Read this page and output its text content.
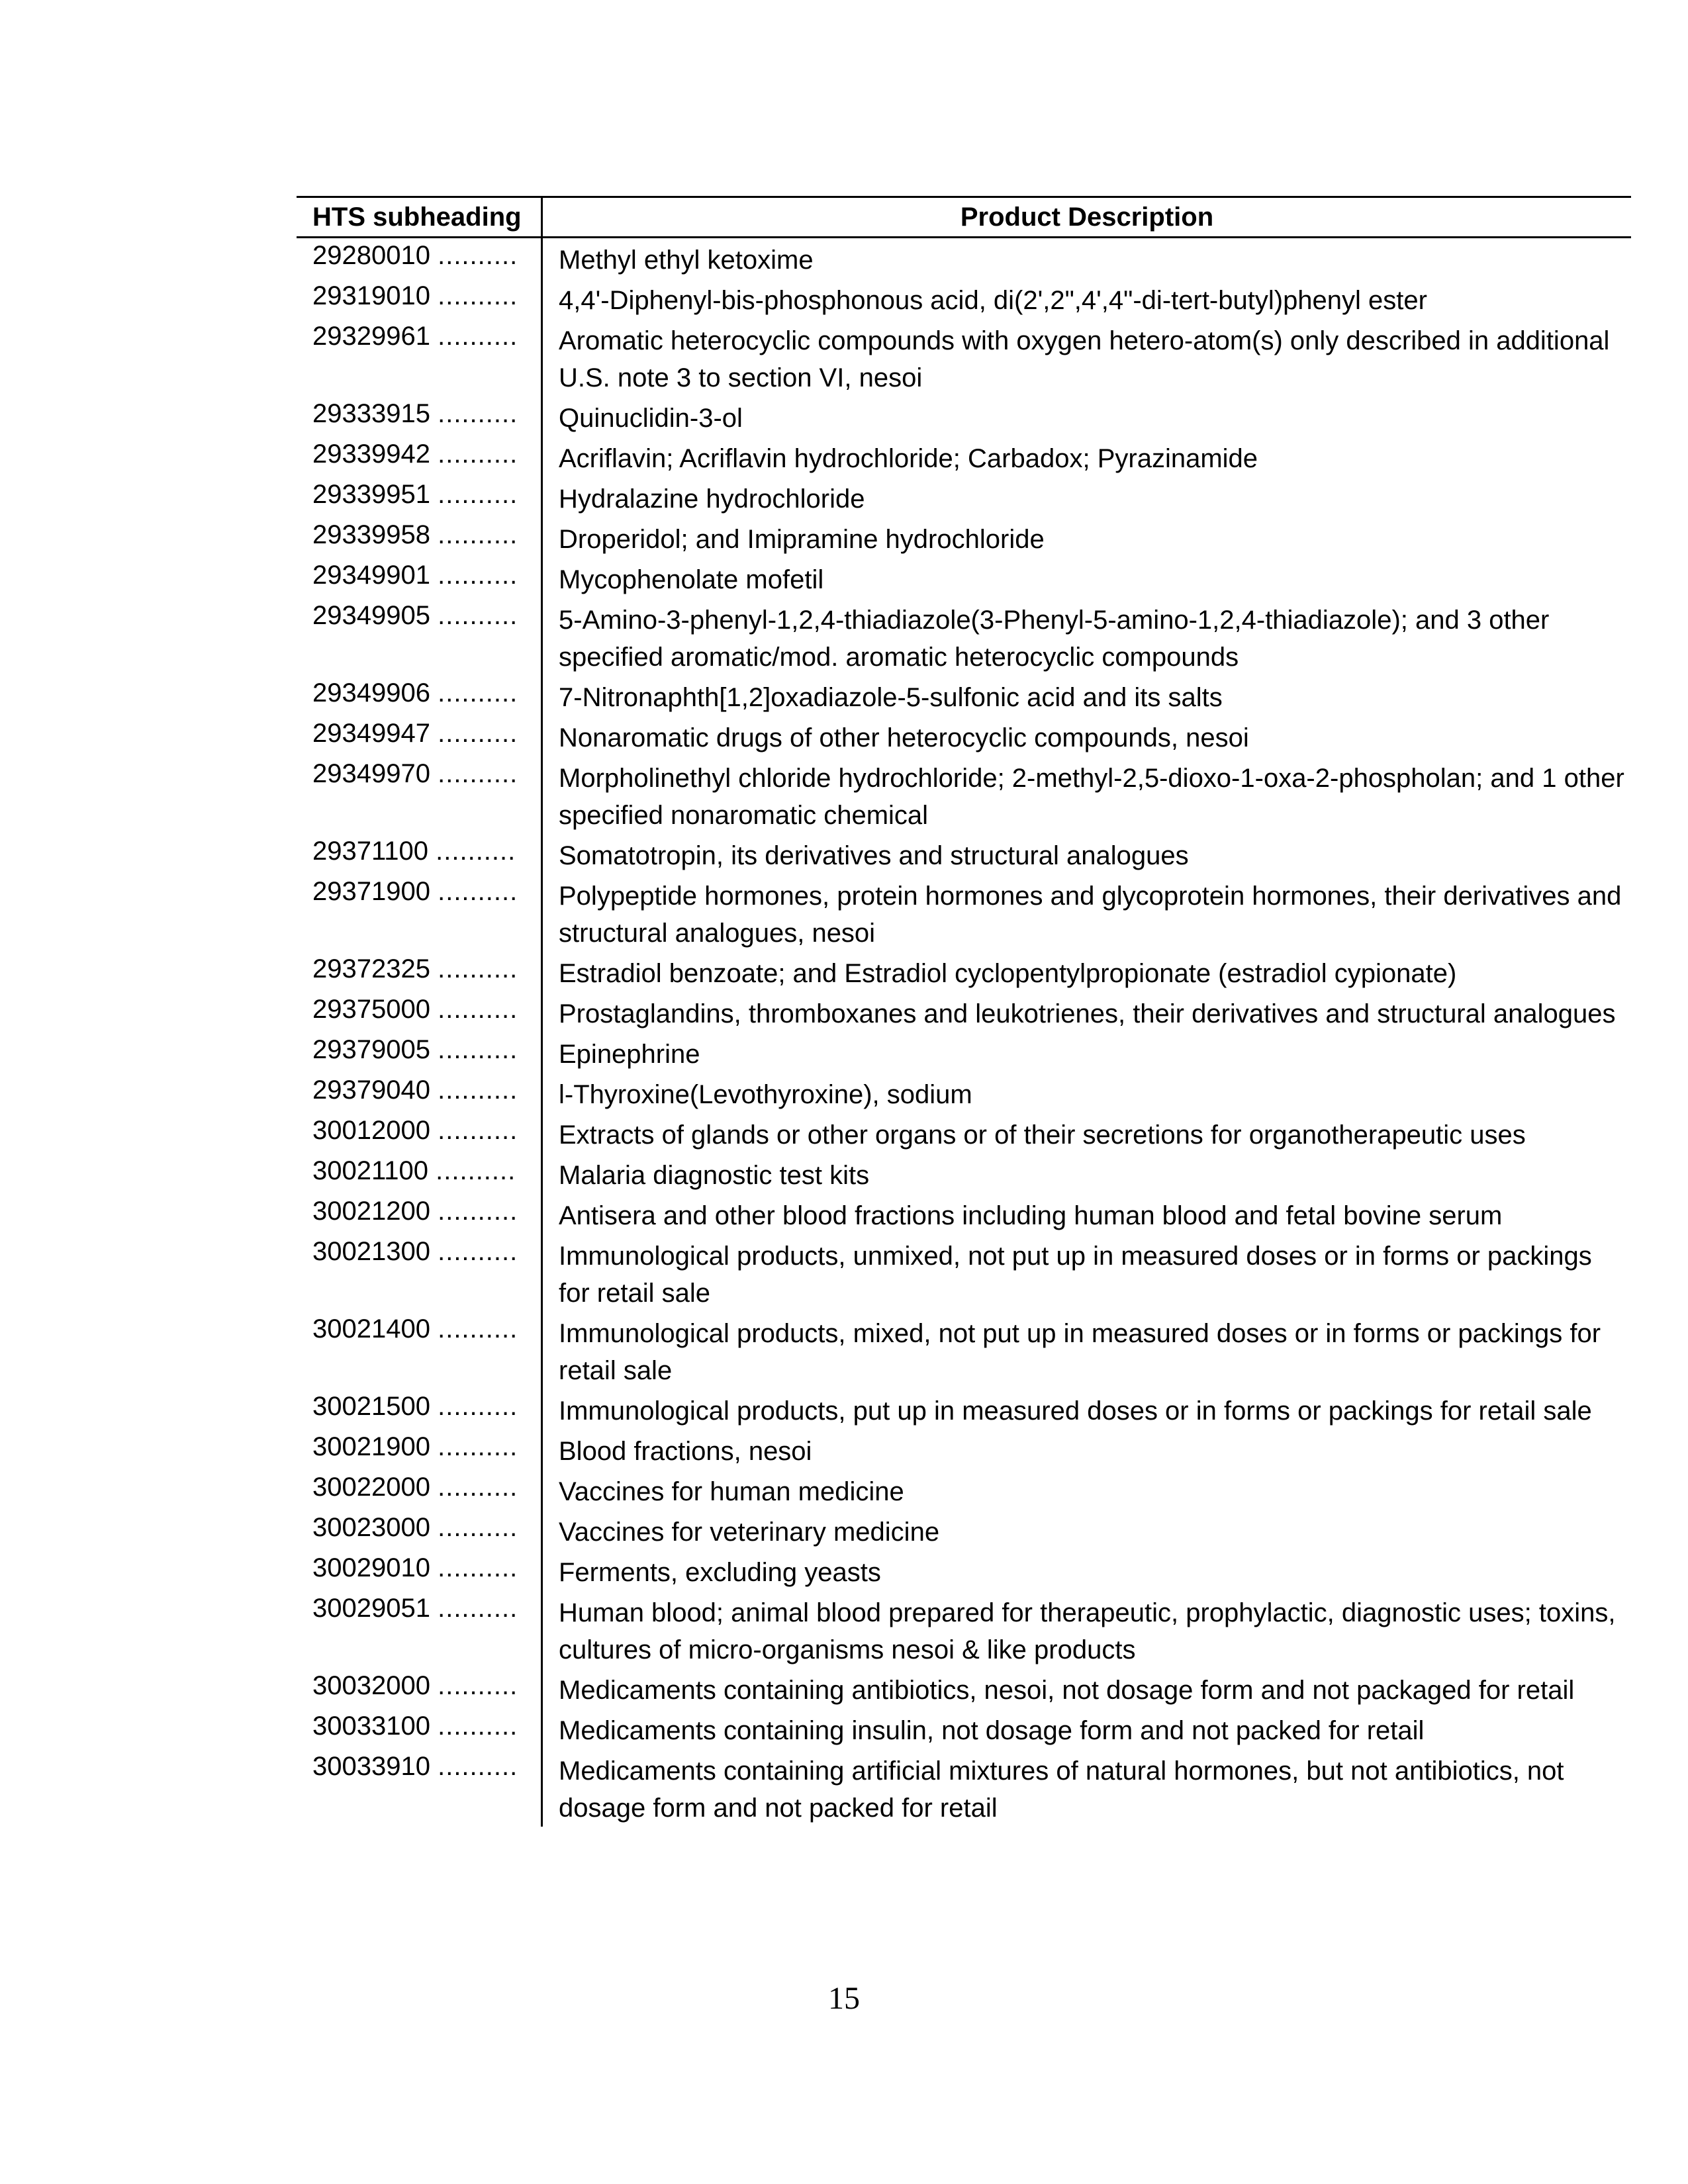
HTS subheading	Product Description
29280010 ..........	Methyl ethyl ketoxime
29319010 ..........	4,4'-Diphenyl-bis-phosphonous acid, di(2',2",4',4"-di-tert-butyl)phenyl ester
29329961 ..........	Aromatic heterocyclic compounds with oxygen hetero-atom(s) only described in additional U.S. note 3 to section VI, nesoi
29333915 ..........	Quinuclidin-3-ol
29339942 ..........	Acriflavin; Acriflavin hydrochloride; Carbadox; Pyrazinamide
29339951 ..........	Hydralazine hydrochloride
29339958 ..........	Droperidol; and Imipramine hydrochloride
29349901 ..........	Mycophenolate mofetil
29349905 ..........	5-Amino-3-phenyl-1,2,4-thiadiazole(3-Phenyl-5-amino-1,2,4-thiadiazole); and 3 other specified aromatic/mod. aromatic heterocyclic compounds
29349906 ..........	7-Nitronaphth[1,2]oxadiazole-5-sulfonic acid and its salts
29349947 ..........	Nonaromatic drugs of other heterocyclic compounds, nesoi
29349970 ..........	Morpholinethyl chloride hydrochloride; 2-methyl-2,5-dioxo-1-oxa-2-phospholan; and 1 other specified nonaromatic chemical
29371100 ..........	Somatotropin, its derivatives and structural analogues
29371900 ..........	Polypeptide hormones, protein hormones and glycoprotein hormones, their derivatives and structural analogues, nesoi
29372325 ..........	Estradiol benzoate; and Estradiol cyclopentylpropionate (estradiol cypionate)
29375000 ..........	Prostaglandins, thromboxanes and leukotrienes, their derivatives and structural analogues
29379005 ..........	Epinephrine
29379040 ..........	l-Thyroxine(Levothyroxine), sodium
30012000 ..........	Extracts of glands or other organs or of their secretions for organotherapeutic uses
30021100 ..........	Malaria diagnostic test kits
30021200 ..........	Antisera and other blood fractions including human blood and fetal bovine serum
30021300 ..........	Immunological products, unmixed, not put up in measured doses or in forms or packings for retail sale
30021400 ..........	Immunological products, mixed, not put up in measured doses or in forms or packings for retail sale
30021500 ..........	Immunological products, put up in measured doses or in forms or packings for retail sale
30021900 ..........	Blood fractions, nesoi
30022000 ..........	Vaccines for human medicine
30023000 ..........	Vaccines for veterinary medicine
30029010 ..........	Ferments, excluding yeasts
30029051 ..........	Human blood; animal blood prepared for therapeutic, prophylactic, diagnostic uses; toxins, cultures of micro-organisms nesoi & like products
30032000 ..........	Medicaments containing antibiotics, nesoi, not dosage form and not packaged for retail
30033100 ..........	Medicaments containing insulin, not dosage form and not packed for retail
30033910 ..........	Medicaments containing artificial mixtures of natural hormones, but not antibiotics, not dosage form and not packed for retail
15
